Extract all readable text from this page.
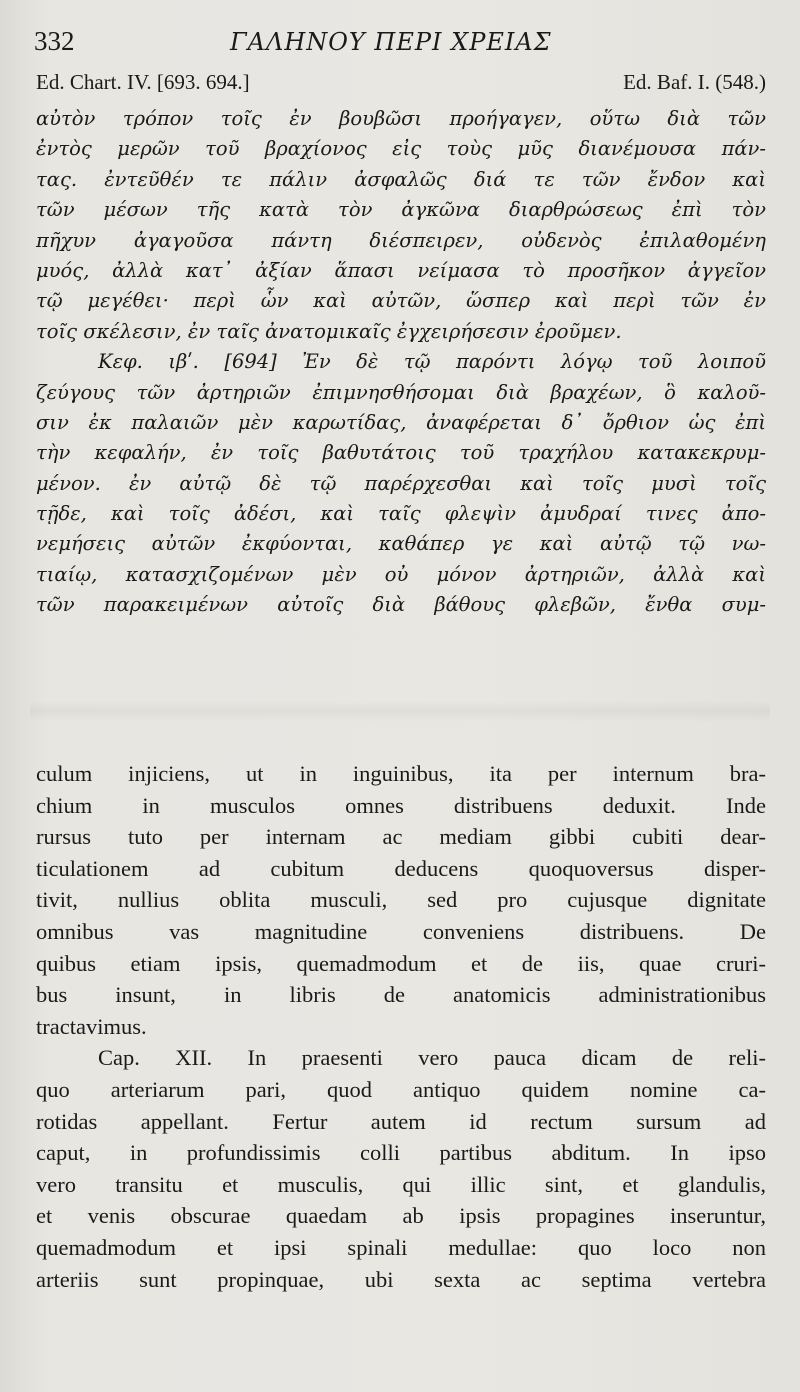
332	ΓΑΛΗΝΟΥ ΠΕΡΙ ΧΡΕΙΑΣ
Ed. Chart. IV. [693. 694.]	Ed. Baf. I. (548.)
αὐτὸν τρόπον τοῖς ἐν βουβῶσι προήγαγεν, οὕτω διὰ τῶν
ἐντὸς μερῶν τοῦ βραχίονος εἰς τοὺς μῦς διανέμουσα πάν-
τας. ἐντεῦθέν τε πάλιν ἀσφαλῶς διά τε τῶν ἔνδον καὶ
τῶν μέσων τῆς κατὰ τὸν ἀγκῶνα διαρθρώσεως ἐπὶ τὸν
πῆχυν ἀγαγοῦσα πάντη διέσπειρεν, οὐδενὸς ἐπιλαθομένη
μυός, ἀλλὰ κατ᾽ ἀξίαν ἅπασι νείμασα τὸ προσῆκον ἀγγεῖον
τῷ μεγέθει· περὶ ὧν καὶ αὐτῶν, ὥσπερ καὶ περὶ τῶν ἐν
τοῖς σκέλεσιν, ἐν ταῖς ἀνατομικαῖς ἐγχειρήσεσιν ἐροῦμεν.
Κεφ. ιβʹ. [694] Ἐν δὲ τῷ παρόντι λόγῳ τοῦ λοιποῦ
ζεύγους τῶν ἀρτηριῶν ἐπιμνησθήσομαι διὰ βραχέων, ὃ καλοῦ-
σιν ἐκ παλαιῶν μὲν καρωτίδας, ἀναφέρεται δ᾽ ὄρθιον ὡς ἐπὶ
τὴν κεφαλήν, ἐν τοῖς βαθυτάτοις τοῦ τραχήλου κατακεκρυμ-
μένον. ἐν αὐτῷ δὲ τῷ παρέρχεσθαι καὶ τοῖς μυσὶ τοῖς
τῇδε, καὶ τοῖς ἀδέσι, καὶ ταῖς φλεψὶν ἀμυδραί τινες ἀπο-
νεμήσεις αὐτῶν ἐκφύονται, καθάπερ γε καὶ αὐτῷ τῷ νω-
τιαίῳ, κατασχιζομένων μὲν οὐ μόνον ἀρτηριῶν, ἀλλὰ καὶ
τῶν παρακειμένων αὐτοῖς διὰ βάθους φλεβῶν, ἔνθα συμ-
culum injiciens, ut in inguinibus, ita per internum bra-
chium in musculos omnes distribuens deduxit. Inde
rursus tuto per internam ac mediam gibbi cubiti dear-
ticulationem ad cubitum deducens quoquoversus disper-
tivit, nullius oblita musculi, sed pro cujusque dignitate
omnibus vas magnitudine conveniens distribuens. De
quibus etiam ipsis, quemadmodum et de iis, quae cruri-
bus insunt, in libris de anatomicis administrationibus
tractavimus.
Cap. XII. In praesenti vero pauca dicam de reli-
quo arteriarum pari, quod antiquo quidem nomine ca-
rotidas appellant. Fertur autem id rectum sursum ad
caput, in profundissimis colli partibus abditum. In ipso
vero transitu et musculis, qui illic sint, et glandulis,
et venis obscurae quaedam ab ipsis propagines inseruntur,
quemadmodum et ipsi spinali medullae: quo loco non
arteriis sunt propinquae, ubi sexta ac septima vertebra
